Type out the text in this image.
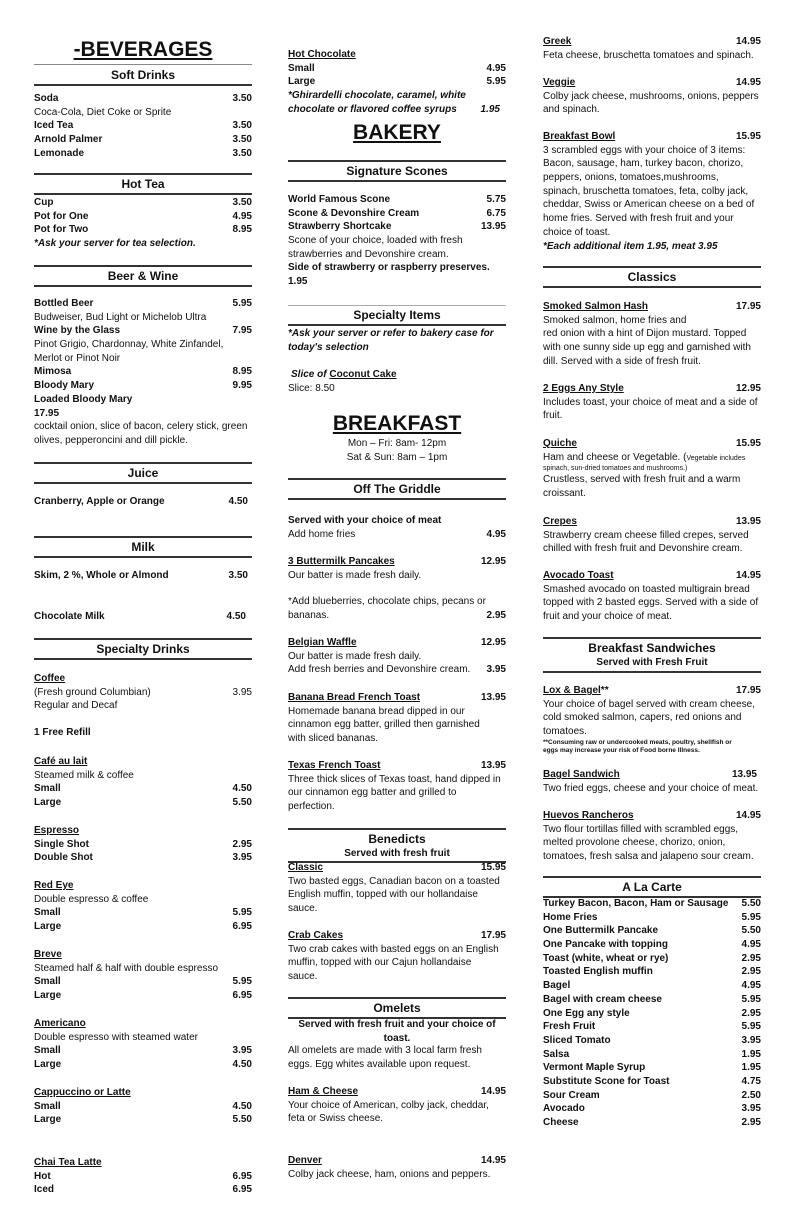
-BEVERAGES
Soft Drinks
Soda	3.50
Coca-Cola, Diet Coke or Sprite
Iced Tea	3.50
Arnold Palmer	3.50
Lemonade	3.50
Hot Tea
Cup	3.50
Pot for One	4.95
Pot for Two	8.95
*Ask your server for tea selection.
Beer & Wine
Bottled Beer	5.95
Budweiser, Bud Light or Michelob Ultra
Wine by the Glass	7.95
Pinot Grigio, Chardonnay, White Zinfandel,
Merlot or Pinot Noir
Mimosa	8.95
Bloody Mary	9.95
Loaded Bloody Mary
17.95
cocktail onion, slice of bacon, celery stick, green
olives, pepperoncini and dill pickle.
Juice
Cranberry, Apple or Orange	4.50
Milk
Skim, 2 %, Whole or Almond	3.50
Chocolate Milk	4.50
Specialty Drinks
Coffee
(Fresh ground Columbian)	3.95
Regular and Decaf
1 Free Refill
Café au lait
Steamed milk & coffee
Small	4.50
Large	5.50
Espresso
Single Shot	2.95
Double Shot	3.95
Red Eye
Double espresso & coffee
Small	5.95
Large	6.95
Breve
Steamed half & half with double espresso
Small	5.95
Large	6.95
Americano
Double espresso with steamed water
Small	3.95
Large	4.50
Cappuccino or Latte
Small	4.50
Large	5.50
Chai Tea Latte
Hot	6.95
Iced	6.95
Hot Chocolate
Small	4.95
Large	5.95
*Ghirardelli chocolate, caramel, white
chocolate or flavored coffee syrups 1.95
BAKERY
Signature Scones
World Famous Scone	5.75
Scone & Devonshire Cream	6.75
Strawberry Shortcake	13.95
Scone of your choice, loaded with fresh
strawberries and Devonshire cream.
Side of strawberry or raspberry preserves.
1.95
Specialty Items
*Ask your server or refer to bakery case for
today's selection
Slice of Coconut Cake
Slice: 8.50
BREAKFAST
Mon – Fri: 8am- 12pm
Sat & Sun: 8am – 1pm
Off The Griddle
Served with your choice of meat
Add home fries	4.95
3 Buttermilk Pancakes	12.95
Our batter is made fresh daily.
*Add blueberries, chocolate chips, pecans or
bananas.	2.95
Belgian Waffle	12.95
Our batter is made fresh daily.
Add fresh berries and Devonshire cream. 3.95
Banana Bread French Toast	13.95
Homemade banana bread dipped in our
cinnamon egg batter, grilled then garnished
with sliced bananas.
Texas French Toast	13.95
Three thick slices of Texas toast, hand dipped in
our cinnamon egg batter and grilled to
perfection.
Benedicts
Served with fresh fruit
Classic	15.95
Two basted eggs, Canadian bacon on a toasted
English muffin, topped with our hollandaise
sauce.
Crab Cakes	17.95
Two crab cakes with basted eggs on an English
muffin, topped with our Cajun hollandaise
sauce.
Omelets
Served with fresh fruit and your choice of
toast.
All omelets are made with 3 local farm fresh
eggs. Egg whites available upon request.
Ham & Cheese	14.95
Your choice of American, colby jack, cheddar,
feta or Swiss cheese.
Denver	14.95
Colby jack cheese, ham, onions and peppers.
Greek	14.95
Feta cheese, bruschetta tomatoes and spinach.
Veggie	14.95
Colby jack cheese, mushrooms, onions, peppers
and spinach.
Breakfast Bowl	15.95
3 scrambled eggs with your choice of 3 items:
Bacon, sausage, ham, turkey bacon, chorizo,
peppers, onions, tomatoes,mushrooms,
spinach, bruschetta tomatoes, feta, colby jack,
cheddar, Swiss or American cheese on a bed of
home fries. Served with fresh fruit and your
choice of toast.
*Each additional item 1.95, meat 3.95
Classics
Smoked Salmon Hash	17.95
Smoked salmon, home fries and
red onion with a hint of Dijon mustard. Topped
with one sunny side up egg and garnished with
dill. Served with a side of fresh fruit.
2 Eggs Any Style	12.95
Includes toast, your choice of meat and a side of
fruit.
Quiche	15.95
Ham and cheese or Vegetable. (Vegetable includes
spinach, sun-dried tomatoes and mushrooms.)
Crustless, served with fresh fruit and a warm
croissant.
Crepes	13.95
Strawberry cream cheese filled crepes, served
chilled with fresh fruit and Devonshire cream.
Avocado Toast	14.95
Smashed avocado on toasted multigrain bread
topped with 2 basted eggs. Served with a side of
fruit and your choice of meat.
Breakfast Sandwiches
Served with Fresh Fruit
Lox & Bagel**	17.95
Your choice of bagel served with cream cheese,
cold smoked salmon, capers, red onions and
tomatoes.
**Consuming raw or undercooked meats, poultry, shellfish or
eggs may increase your risk of Food borne Illness.
Bagel Sandwich	13.95
Two fried eggs, cheese and your choice of meat.
Huevos Rancheros	14.95
Two flour tortillas filled with scrambled eggs,
melted provolone cheese, chorizo, onion,
tomatoes, fresh salsa and jalapeno sour cream.
A La Carte
Turkey Bacon, Bacon, Ham or Sausage 5.50
Home Fries	5.95
One Buttermilk Pancake	5.50
One Pancake with topping	4.95
Toast (white, wheat or rye)	2.95
Toasted English muffin	2.95
Bagel	4.95
Bagel with cream cheese	5.95
One Egg any style	2.95
Fresh Fruit	5.95
Sliced Tomato	3.95
Salsa	1.95
Vermont Maple Syrup	1.95
Substitute Scone for Toast	4.75
Sour Cream	2.50
Avocado	3.95
Cheese	2.95
